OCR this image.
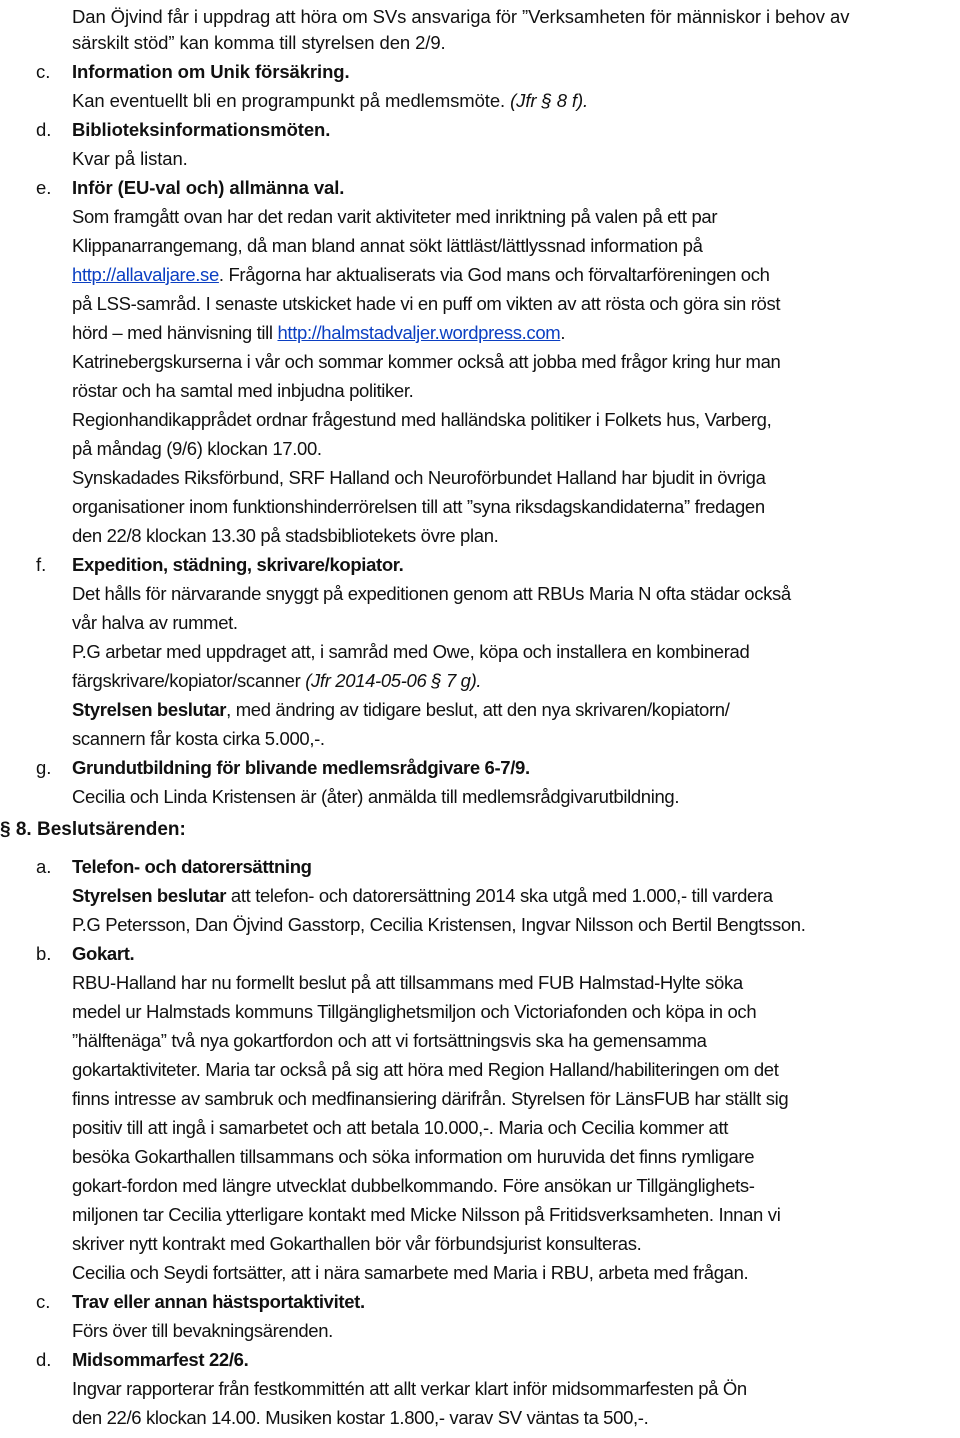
Dan Öjvind får i uppdrag att höra om SVs ansvariga för ”Verksamheten för människor i behov av
särskilt stöd” kan komma till styrelsen den 2/9.
c. Information om Unik försäkring.
Kan eventuellt bli en programpunkt på medlemsmöte. (Jfr § 8 f).
d. Biblioteksinformationsmöten.
Kvar på listan.
e. Inför (EU-val och) allmänna val.
Som framgått ovan har det redan varit aktiviteter med inriktning på valen på ett par
Klippanarrangemang, då man bland annat sökt lättläst/lättlyssnad information på
http://allavaljare.se. Frågorna har aktualiserats via God mans och förvaltarföreningen och
på LSS-samråd. I senaste utskicket hade vi en puff om vikten av att rösta och göra sin röst
hörd – med hänvisning till http://halmstadvaljer.wordpress.com.
Katrinebergskurserna i vår och sommar kommer också att jobba med frågor kring hur man
röstar och ha samtal med inbjudna politiker.
Regionhandikapprådet ordnar frågestund med halländska politiker i Folkets hus, Varberg,
på måndag (9/6) klockan 17.00.
Synskadades Riksförbund, SRF Halland och Neuroförbundet Halland har bjudit in övriga
organisationer inom funktionshinderrörelsen till att ”syna riksdagskandidaterna” fredagen
den 22/8 klockan 13.30 på stadsbibliotekets övre plan.
f. Expedition, städning, skrivare/kopiator.
Det hålls för närvarande snyggt på expeditionen genom att RBUs Maria N ofta städar också
vår halva av rummet.
P.G arbetar med uppdraget att, i samråd med Owe, köpa och installera en kombinerad
färgskrivare/kopiator/scanner (Jfr 2014-05-06 § 7 g).
Styrelsen beslutar, med ändring av tidigare beslut, att den nya skrivaren/kopiatorn/
scannern får kosta cirka 5.000,-.
g. Grundutbildning för blivande medlemsrådgivare 6-7/9.
Cecilia och Linda Kristensen är (åter) anmälda till medlemsrådgivarutbildning.
§ 8. Beslutsärenden:
a. Telefon- och datorersättning
Styrelsen beslutar att telefon- och datorersättning 2014 ska utgå med 1.000,- till vardera
P.G Petersson, Dan Öjvind Gasstorp, Cecilia Kristensen, Ingvar Nilsson och Bertil Bengtsson.
b. Gokart.
RBU-Halland har nu formellt beslut på att tillsammans med FUB Halmstad-Hylte söka
medel ur Halmstads kommuns Tillgänglighetsmiljon och Victoriafonden och köpa in och
”hälftenäga” två nya gokartfordon och att vi fortsättningsvis ska ha gemensamma
gokartaktiviteter. Maria tar också på sig att höra med Region Halland/habiliteringen om det
finns intresse av sambruk och medfinansiering därifrån. Styrelsen för LänsFUB har ställt sig
positiv till att ingå i samarbetet och att betala 10.000,-. Maria och Cecilia kommer att
besöka Gokarthallen tillsammans och söka information om huruvida det finns rymligare
gokart-fordon med längre utvecklat dubbelkommando. Före ansökan ur Tillgänglighets-
miljonen tar Cecilia ytterligare kontakt med Micke Nilsson på Fritidsverksamheten. Innan vi
skriver nytt kontrakt med Gokarthallen bör vår förbundsjurist konsulteras.
Cecilia och Seydi fortsätter, att i nära samarbete med Maria i RBU, arbeta med frågan.
c. Trav eller annan hästsportaktivitet.
Förs över till bevakningsärenden.
d. Midsommarfest 22/6.
Ingvar rapporterar från festkommittén att allt verkar klart inför midsommarfesten på Ön
den 22/6 klockan 14.00. Musiken kostar 1.800,- varav SV väntas ta 500,-.
